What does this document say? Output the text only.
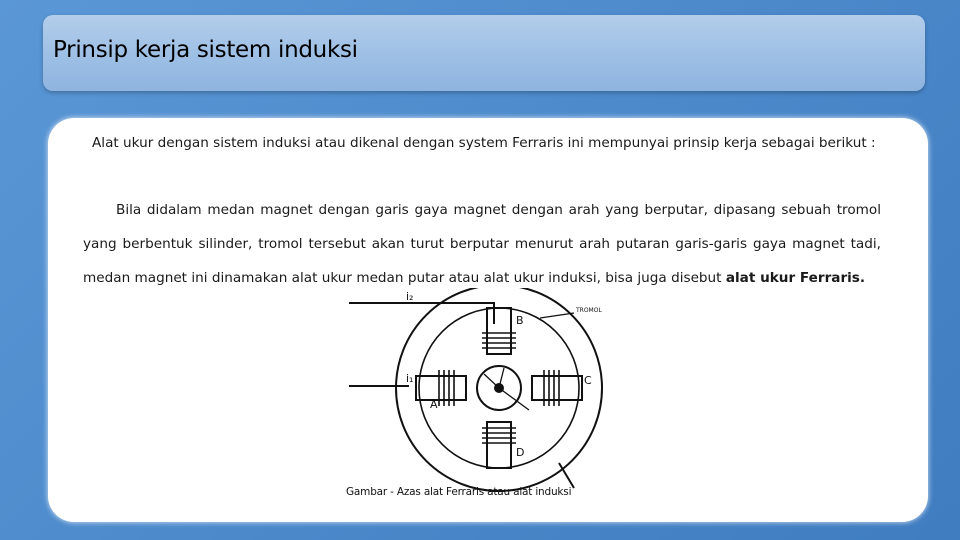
Prinsip kerja sistem induksi

Alat ukur dengan sistem induksi atau dikenal dengan system Ferraris ini mempunyai prinsip kerja sebagai berikut :

Bila didalam medan magnet dengan garis gaya magnet dengan arah yang berputar, dipasang sebuah tromol yang berbentuk silinder, tromol tersebut akan turut berputar menurut arah putaran garis-garis gaya magnet tadi, medan magnet ini dinamakan alat ukur medan putar atau alat ukur induksi, bisa juga disebut alat ukur Ferraris.

B
D
A
C
i₂
i₁
TROMOL
Gambar - Azas alat Ferraris atau alat induksi
